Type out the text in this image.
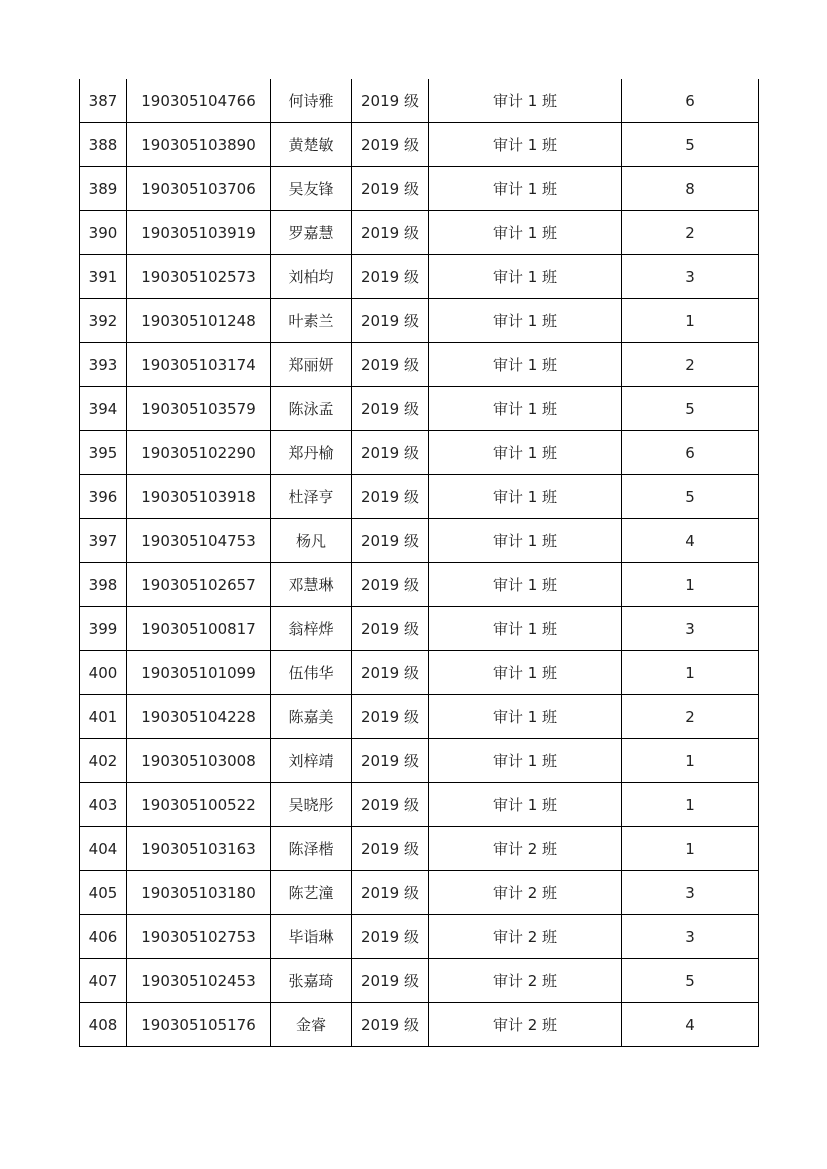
387	190305104766	何诗雅	2019 级	审计 1 班	6
388	190305103890	黄楚敏	2019 级	审计 1 班	5
389	190305103706	吴友锋	2019 级	审计 1 班	8
390	190305103919	罗嘉慧	2019 级	审计 1 班	2
391	190305102573	刘柏均	2019 级	审计 1 班	3
392	190305101248	叶素兰	2019 级	审计 1 班	1
393	190305103174	郑丽妍	2019 级	审计 1 班	2
394	190305103579	陈泳孟	2019 级	审计 1 班	5
395	190305102290	郑丹榆	2019 级	审计 1 班	6
396	190305103918	杜泽亨	2019 级	审计 1 班	5
397	190305104753	杨凡	2019 级	审计 1 班	4
398	190305102657	邓慧琳	2019 级	审计 1 班	1
399	190305100817	翁梓烨	2019 级	审计 1 班	3
400	190305101099	伍伟华	2019 级	审计 1 班	1
401	190305104228	陈嘉美	2019 级	审计 1 班	2
402	190305103008	刘梓靖	2019 级	审计 1 班	1
403	190305100522	吴晓彤	2019 级	审计 1 班	1
404	190305103163	陈泽楷	2019 级	审计 2 班	1
405	190305103180	陈艺潼	2019 级	审计 2 班	3
406	190305102753	毕诣琳	2019 级	审计 2 班	3
407	190305102453	张嘉琦	2019 级	审计 2 班	5
408	190305105176	金睿	2019 级	审计 2 班	4
